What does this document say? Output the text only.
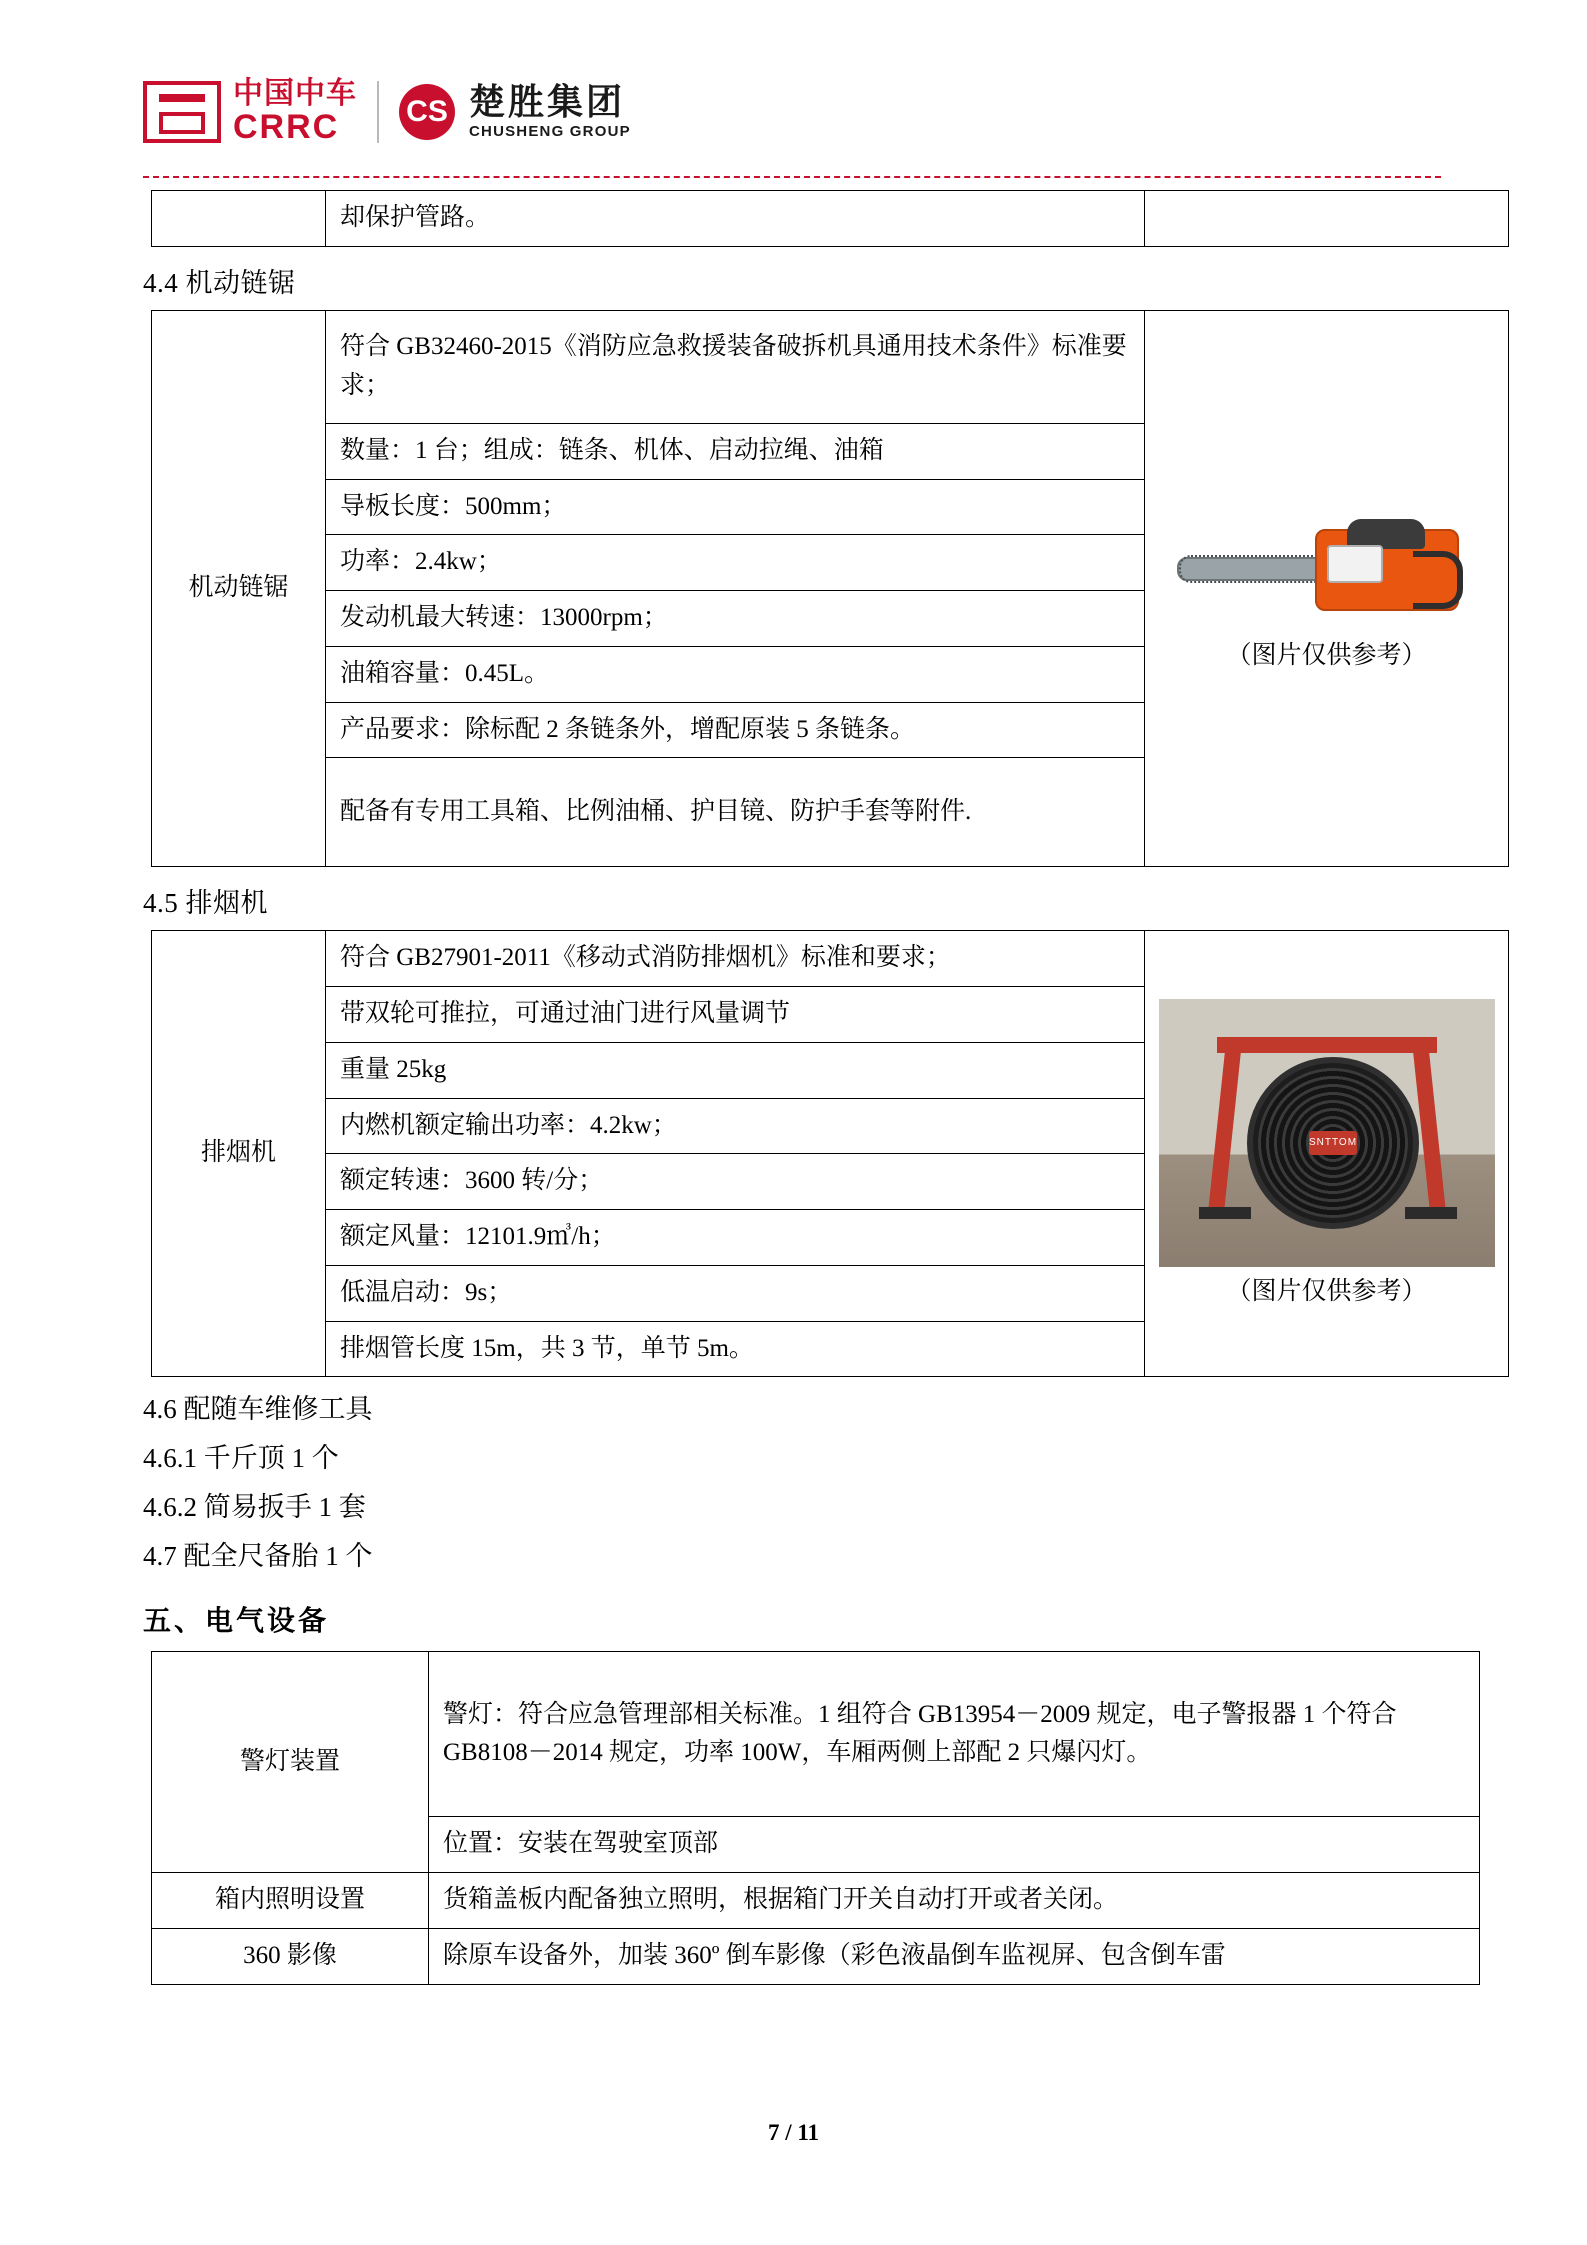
中国中车
CRRC	CS 楚胜集团
CHUSHENG GROUP
	却保护管路。	
4.4 机动链锯
机动链锯	符合 GB32460-2015《消防应急救援装备破拆机具通用技术条件》标准要求；	
（图片仅供参考）

数量：1 台；组成：链条、机体、启动拉绳、油箱
导板长度：500mm；
功率：2.4kw；
发动机最大转速：13000rpm；
油箱容量：0.45L。
产品要求：除标配 2 条链条外，增配原装 5 条链条。
配备有专用工具箱、比例油桶、护目镜、防护手套等附件.
4.5 排烟机
排烟机	符合 GB27901-2011《移动式消防排烟机》标准和要求；	
SNTTOM
（图片仅供参考）

带双轮可推拉，可通过油门进行风量调节
重量 25kg
内燃机额定输出功率：4.2kw；
额定转速：3600 转/分；
额定风量：12101.9㎥/h；
低温启动：9s；
排烟管长度 15m，共 3 节，单节 5m。
4.6 配随车维修工具
4.6.1 千斤顶 1 个
4.6.2 简易扳手 1 套
4.7 配全尺备胎 1 个
五、电气设备
警灯装置	警灯：符合应急管理部相关标准。1 组符合 GB13954－2009 规定，电子警报器 1 个符合 GB8108－2014 规定，功率 100W，车厢两侧上部配 2 只爆闪灯。
	位置：安装在驾驶室顶部
箱内照明设置	货箱盖板内配备独立照明，根据箱门开关自动打开或者关闭。
360 影像	除原车设备外，加装 360º 倒车影像（彩色液晶倒车监视屏、包含倒车雷
7 / 11
